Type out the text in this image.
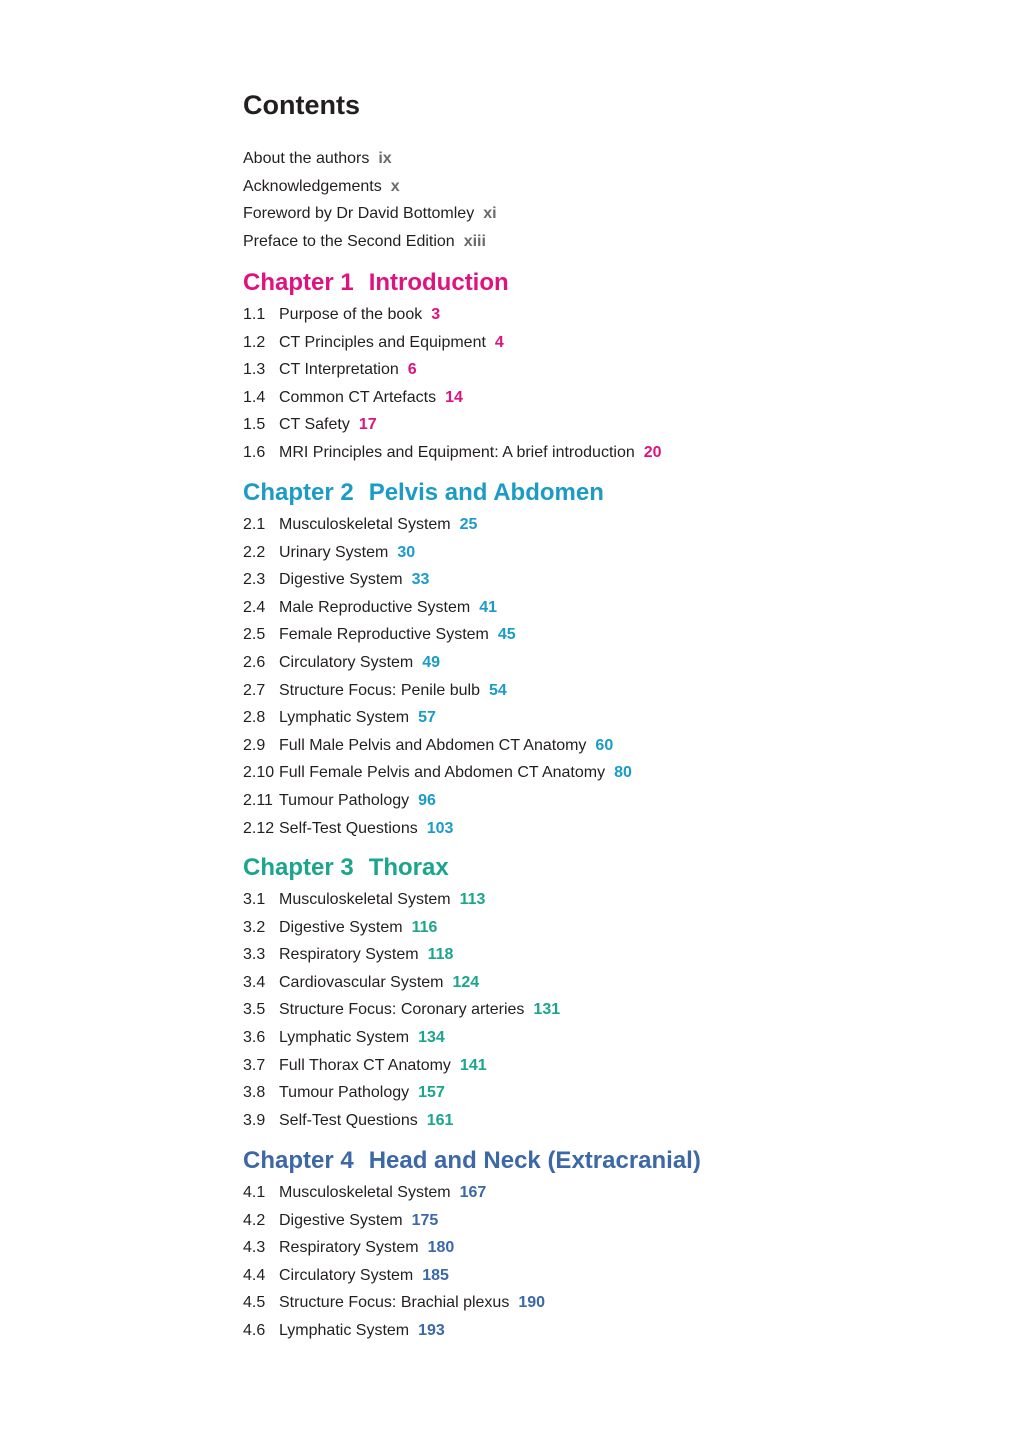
Contents
About the authors ix
Acknowledgements x
Foreword by Dr David Bottomley xi
Preface to the Second Edition xiii
Chapter 1 Introduction
1.1 Purpose of the book 3
1.2 CT Principles and Equipment 4
1.3 CT Interpretation 6
1.4 Common CT Artefacts 14
1.5 CT Safety 17
1.6 MRI Principles and Equipment: A brief introduction 20
Chapter 2 Pelvis and Abdomen
2.1 Musculoskeletal System 25
2.2 Urinary System 30
2.3 Digestive System 33
2.4 Male Reproductive System 41
2.5 Female Reproductive System 45
2.6 Circulatory System 49
2.7 Structure Focus: Penile bulb 54
2.8 Lymphatic System 57
2.9 Full Male Pelvis and Abdomen CT Anatomy 60
2.10 Full Female Pelvis and Abdomen CT Anatomy 80
2.11 Tumour Pathology 96
2.12 Self-Test Questions 103
Chapter 3 Thorax
3.1 Musculoskeletal System 113
3.2 Digestive System 116
3.3 Respiratory System 118
3.4 Cardiovascular System 124
3.5 Structure Focus: Coronary arteries 131
3.6 Lymphatic System 134
3.7 Full Thorax CT Anatomy 141
3.8 Tumour Pathology 157
3.9 Self-Test Questions 161
Chapter 4 Head and Neck (Extracranial)
4.1 Musculoskeletal System 167
4.2 Digestive System 175
4.3 Respiratory System 180
4.4 Circulatory System 185
4.5 Structure Focus: Brachial plexus 190
4.6 Lymphatic System 193
